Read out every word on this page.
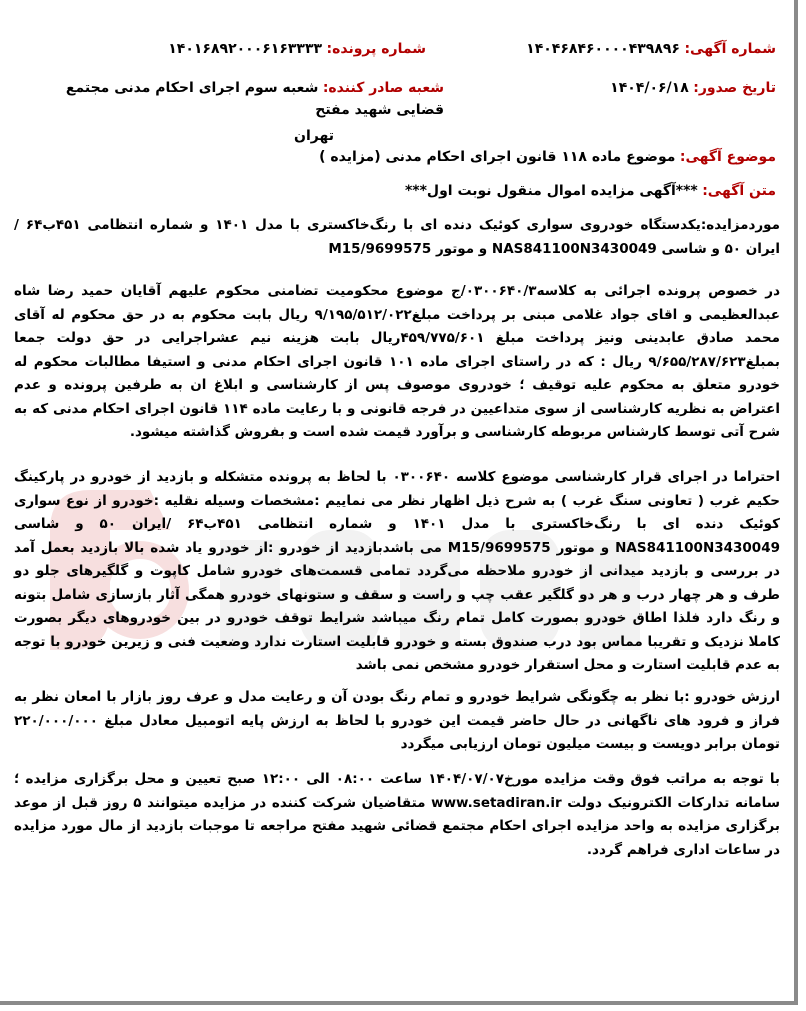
شماره آگهی: ۱۴۰۴۶۸۴۶۰۰۰۰۴۳۹۸۹۶
شماره پرونده: ۱۴۰۱۶۸۹۲۰۰۰۶۱۶۳۳۳۳
تاریخ صدور: ۱۴۰۴/۰۶/۱۸
شعبه صادر کننده: شعبه سوم اجرای احکام مدنی مجتمع قضایی شهید مفتح
تهران
موضوع آگهی: موضوع ماده ۱۱۸ قانون اجرای احکام مدنی (مزایده )
متن آگهی: ***آگهی مزایده اموال منقول نوبت اول***
موردمزایده:یکدستگاه خودروی سواری کوئیک دنده ای با رنگ‌خاکستری با مدل ۱۴۰۱ و شماره انتظامی ۴۵۱ب۶۴ /ایران ۵۰ و شاسی NAS841100N3430049 و موتور M15/9699575
در خصوص پرونده اجرائی به کلاسه۰۳۰۰۶۴۰/۳/ج موضوع محکومیت تضامنی محکوم علیهم آقایان حمید رضا شاه عبدالعظیمی و اقای جواد غلامی مبنی بر پرداخت مبلغ۹/۱۹۵/۵۱۲/۰۲۲ ریال بابت محکوم به در حق محکوم له آقای محمد صادق عابدینی ونیز پرداخت مبلغ ۴۵۹/۷۷۵/۶۰۱ریال بابت هزینه نیم عشراجرایی در حق دولت جمعا بمبلغ۹/۶۵۵/۲۸۷/۶۲۳ ریال : که در راستای اجرای ماده ۱۰۱ قانون اجرای احکام مدنی و استیفا مطالبات محکوم له خودرو متعلق به محکوم علیه توقیف ؛ خودروی موصوف پس از کارشناسی و ابلاغ ان به طرفین پرونده و عدم اعتراض به نظریه کارشناسی از سوی متداعیین در فرجه قانونی و با رعایت ماده ۱۱۴ قانون اجرای احکام مدنی که به شرح آتی توسط کارشناس مربوطه کارشناسی و برآورد قیمت شده است و بفروش گذاشته میشود.
احتراما در اجرای قرار کارشناسی موضوع کلاسه ۰۳۰۰۶۴۰ با لحاظ به پرونده متشکله و بازدید از خودرو در پارکینگ حکیم غرب ( تعاونی سنگ غرب ) به شرح ذیل اظهار نظر می نماییم :مشخصات وسیله نقلیه :خودرو از نوع سواری کوئیک دنده ای با رنگ‌خاکستری با مدل ۱۴۰۱ و شماره انتظامی ۴۵۱ب۶۴ /ایران ۵۰ و شاسی NAS841100N3430049 و موتور M15/9699575 می باشدبازدید از خودرو :از خودرو یاد شده بالا بازدید بعمل آمد در بررسی و بازدید میدانی از خودرو ملاحظه می‌گردد تمامی قسمت‌های خودرو شامل کاپوت و گلگیرهای جلو دو طرف و هر چهار درب و هر دو گلگیر عقب چپ و راست و سقف و ستونهای خودرو همگی آثار بازسازی شامل بتونه و رنگ دارد فلذا اطاق خودرو بصورت کامل تمام رنگ میباشد شرایط توقف خودرو در بین خودروهای دیگر بصورت کاملا نزدیک و تقریبا مماس بود درب صندوق بسته و خودرو قابلیت استارت ندارد وضعیت فنی و زیرین خودرو با توجه به عدم قابلیت استارت و محل استقرار خودرو مشخص نمی باشد
ارزش خودرو :با نظر به چگونگی شرایط خودرو و تمام رنگ بودن آن و رعایت مدل و عرف روز بازار با امعان نظر به فراز و فرود های ناگهانی در حال حاضر قیمت این خودرو با لحاظ به ارزش پایه اتومبیل معادل مبلغ ۲۲۰/۰۰۰/۰۰۰ تومان برابر دویست و بیست میلیون تومان ارزیابی میگردد
با توجه به مراتب فوق وقت مزایده مورخ۱۴۰۴/۰۷/۰۷ ساعت ۰۸:۰۰ الی ۱۲:۰۰ صبح تعیین و محل برگزاری مزایده ؛سامانه تدارکات الکترونیک دولت www.setadiran.ir متقاضیان شرکت کننده در مزایده میتوانند ۵ روز قبل از موعد برگزاری مزایده به واحد مزایده اجرای احکام مجتمع قضائی شهید مفتح مراجعه تا موجبات بازدید از مال مورد مزایده در ساعات اداری فراهم گردد.
